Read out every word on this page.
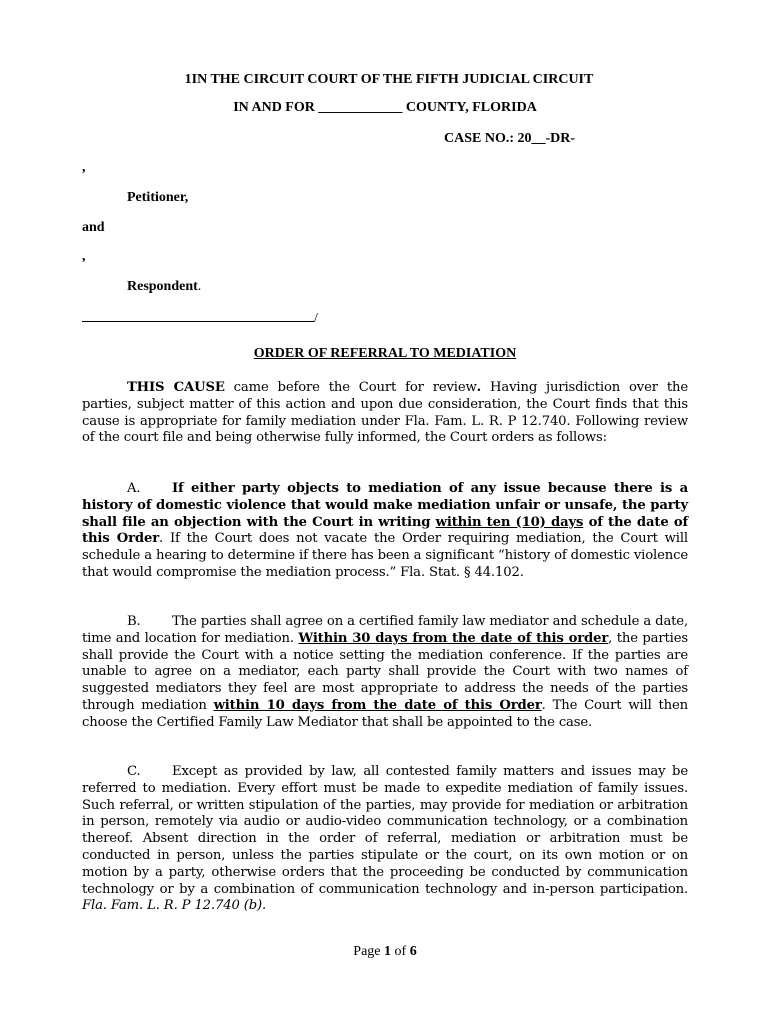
1IN THE CIRCUIT COURT OF THE FIFTH JUDICIAL CIRCUIT
IN AND FOR ____________ COUNTY, FLORIDA
CASE NO.: 20__-DR-
,
Petitioner,
and
,
Respondent.
/
ORDER OF REFERRAL TO MEDIATION
THIS CAUSE came before the Court for review. Having jurisdiction over the parties, subject matter of this action and upon due consideration, the Court finds that this cause is appropriate for family mediation under Fla. Fam. L. R. P 12.740. Following review of the court file and being otherwise fully informed, the Court orders as follows:
A. If either party objects to mediation of any issue because there is a history of domestic violence that would make mediation unfair or unsafe, the party shall file an objection with the Court in writing within ten (10) days of the date of this Order. If the Court does not vacate the Order requiring mediation, the Court will schedule a hearing to determine if there has been a significant “history of domestic violence that would compromise the mediation process.” Fla. Stat. § 44.102.
B. The parties shall agree on a certified family law mediator and schedule a date, time and location for mediation. Within 30 days from the date of this order, the parties shall provide the Court with a notice setting the mediation conference. If the parties are unable to agree on a mediator, each party shall provide the Court with two names of suggested mediators they feel are most appropriate to address the needs of the parties through mediation within 10 days from the date of this Order. The Court will then choose the Certified Family Law Mediator that shall be appointed to the case.
C. Except as provided by law, all contested family matters and issues may be referred to mediation. Every effort must be made to expedite mediation of family issues. Such referral, or written stipulation of the parties, may provide for mediation or arbitration in person, remotely via audio or audio-video communication technology, or a combination thereof. Absent direction in the order of referral, mediation or arbitration must be conducted in person, unless the parties stipulate or the court, on its own motion or on motion by a party, otherwise orders that the proceeding be conducted by communication technology or by a combination of communication technology and in-person participation. Fla. Fam. L. R. P 12.740 (b).
Page 1 of 6
